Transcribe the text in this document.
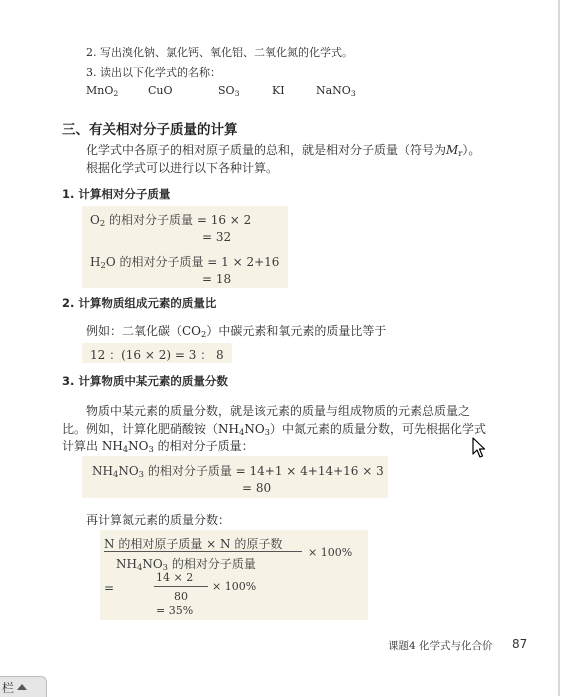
2. 写出溴化钠、氯化钙、氧化铝、二氧化氮的化学式。
3. 读出以下化学式的名称：
MnO$_2$	CuO	$SO_3$	KI	NaNO$_3$
三、有关相对分子质量的计算
化学式中各原子的相对原子质量的总和，就是相对分子质量（符号为$M_r$）。
根据化学式可以进行以下各种计算。
1. 计算相对分子质量
$O_2$ 的相对分子质量 = 16 × 2
= 32
$H_2O$ 的相对分子质量 = 1 × 2+16
= 18
2. 计算物质组成元素的质量比
例如：二氧化碳$(CO_2)$中碳元素和氧元素的质量比等于
12 ：(16 × 2) = 3 ： 8
3. 计算物质中某元素的质量分数
物质中某元素的质量分数，就是该元素的质量与组成物质的元素总质量之
比。例如，计算化肥硝酸铵$(NH_4NO_3)$中氮元素的质量分数，可先根据化学式
计算出 $NH_4NO_3$ 的相对分子质量：
$NH_4NO_3$ 的相对分子质量 = 14+1 × 4+14+16 × 3
= 80
再计算氮元素的质量分数：
N 的相对原子质量 × N 的原子数
$NH_4NO_3$ 的相对分子质量
× 100%
14 × 2
=
80
× 100%
= 35%
课题4 化学式与化合价 87
栏
